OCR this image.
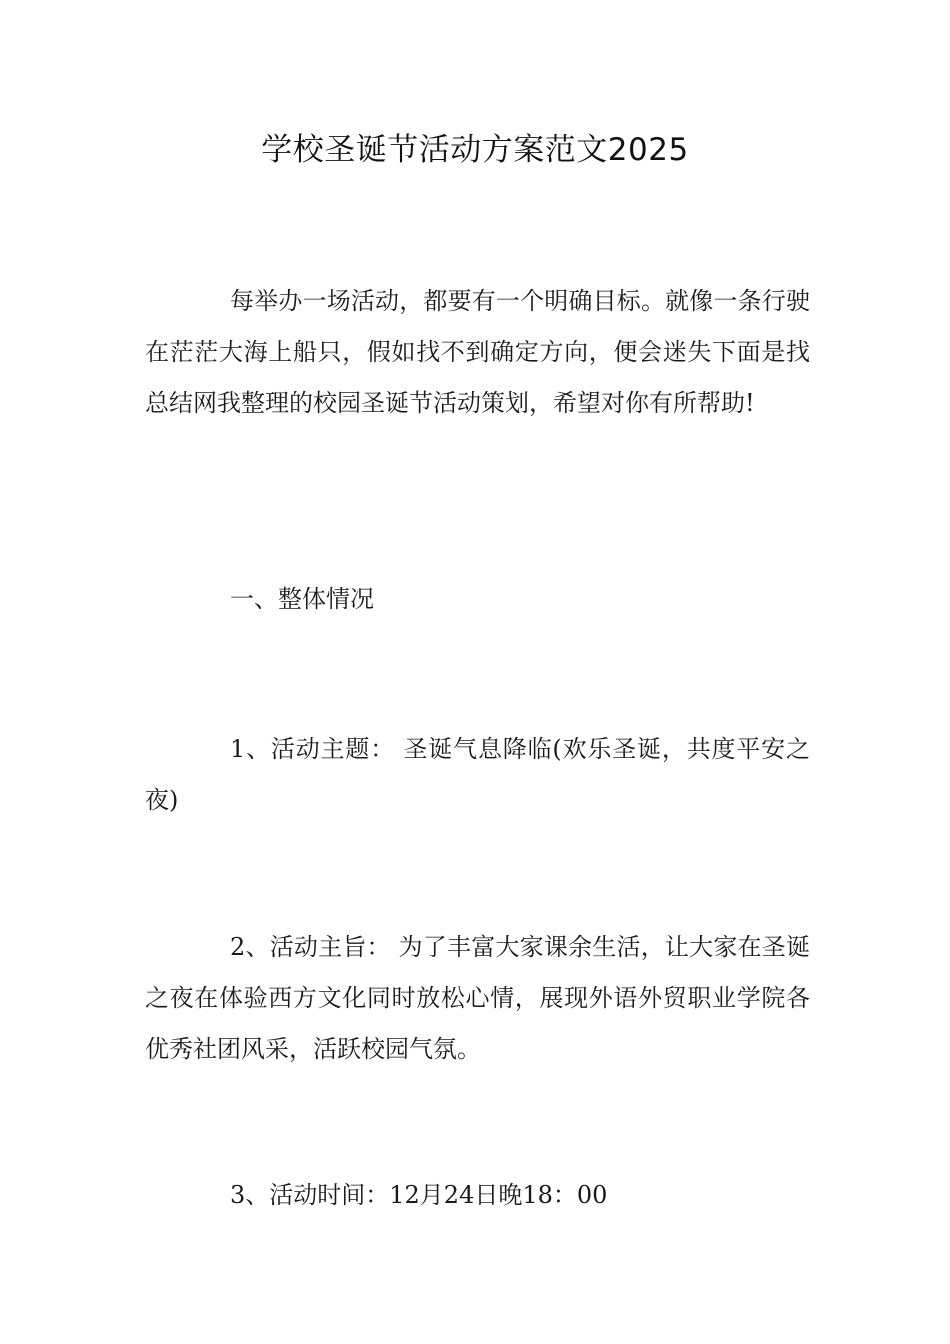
学校圣诞节活动方案范文2025

每举办一场活动，都要有一个明确目标。就像一条行驶在茫茫大海上船只，假如找不到确定方向，便会迷失下面是找总结网我整理的校园圣诞节活动策划，希望对你有所帮助!

一、整体情况

1、活动主题： 圣诞气息降临(欢乐圣诞，共度平安之夜)

2、活动主旨： 为了丰富大家课余生活，让大家在圣诞之夜在体验西方文化同时放松心情，展现外语外贸职业学院各优秀社团风采，活跃校园气氛。

3、活动时间：12月24日晚18：00
